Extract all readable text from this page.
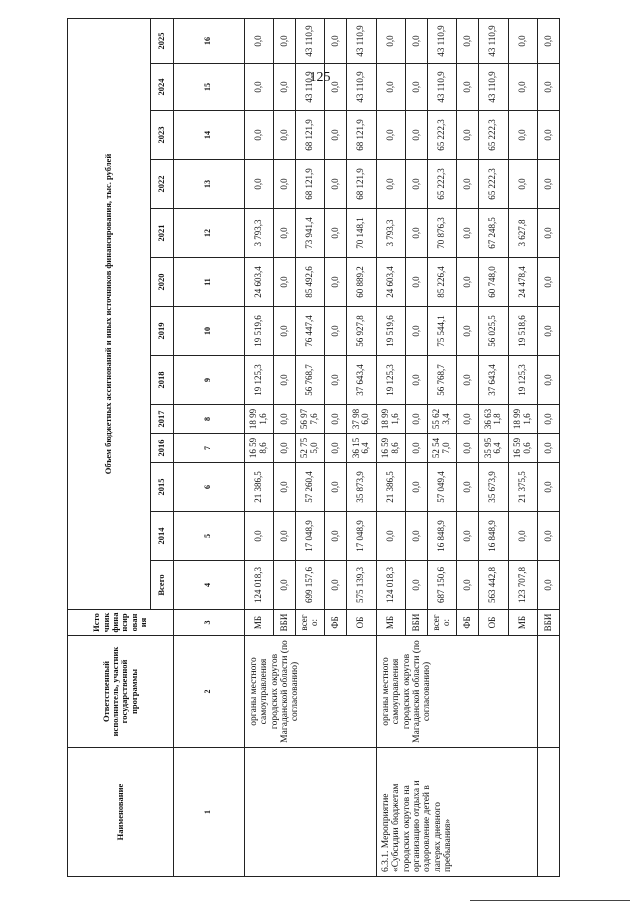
125
Наименование	Ответственный исполнитель, участник государственной программы	Источник финансирования	Объем бюджетных ассигнований и иных источников финансирования, тыс. рублей												
			Всего	2014	2015	2016	2017	2018	2019	2020	2021	2022	2023	2024	2025
1	2	3	4	5	6	7	8	9	10	11	12	13	14	15	16
	органы местного самоуправления городских округов Магаданской области (по согласованию)	МБ	124 018,3	0,0	21 386,5	16 598,6	18 991,6	19 125,3	19 519,6	24 603,4	3 793,3	0,0	0,0	0,0	0,0
		ВБИ	0,0	0,0	0,0	0,0	0,0	0,0	0,0	0,0	0,0	0,0	0,0	0,0	0,0
		всего:	699 157,6	17 048,9	57 260,4	52 755,0	56 977,6	56 768,7	76 447,4	85 492,6	73 941,4	68 121,9	68 121,9	43 110,9	43 110,9
		ФБ	0,0	0,0	0,0	0,0	0,0	0,0	0,0	0,0	0,0	0,0	0,0	0,0	0,0
		ОБ	575 139,3	17 048,9	35 873,9	36 156,4	37 986,0	37 643,4	56 927,8	60 889,2	70 148,1	68 121,9	68 121,9	43 110,9	43 110,9
6.3.1. Мероприятие «Субсидии бюджетам городских округов на организацию отдыха и оздоровление детей в лагерях дневного пребывания»	органы местного самоуправления городских округов Магаданской области (по согласованию)	МБ	124 018,3	0,0	21 386,5	16 598,6	18 991,6	19 125,3	19 519,6	24 603,4	3 793,3	0,0	0,0	0,0	0,0
		ВБИ	0,0	0,0	0,0	0,0	0,0	0,0	0,0	0,0	0,0	0,0	0,0	0,0	0,0
		всего:	687 150,6	16 848,9	57 049,4	52 547,0	55 623,4	56 768,7	75 544,1	85 226,4	70 876,3	65 222,3	65 222,3	43 110,9	43 110,9
		ФБ	0,0	0,0	0,0	0,0	0,0	0,0	0,0	0,0	0,0	0,0	0,0	0,0	0,0
		ОБ	563 442,8	16 848,9	35 673,9	35 956,4	36 631,8	37 643,4	56 025,5	60 748,0	67 248,5	65 222,3	65 222,3	43 110,9	43 110,9
		МБ	123 707,8	0,0	21 375,5	16 590,6	18 991,6	19 125,3	19 518,6	24 478,4	3 627,8	0,0	0,0	0,0	0,0
		ВБИ	0,0	0,0	0,0	0,0	0,0	0,0	0,0	0,0	0,0	0,0	0,0	0,0	0,0
